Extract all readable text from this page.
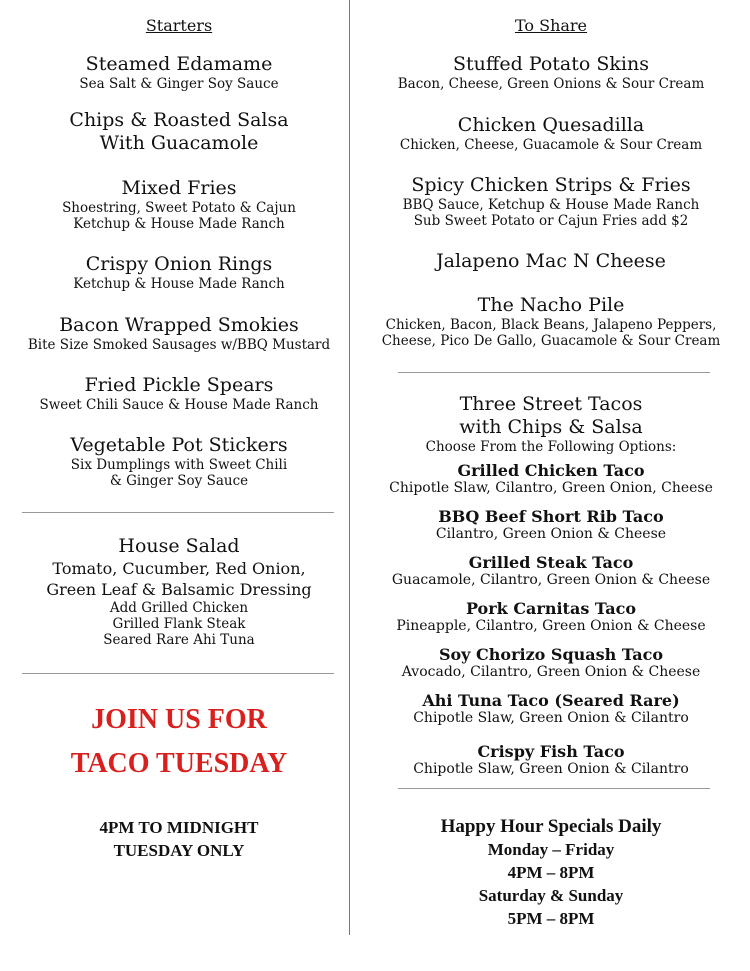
Starters
Steamed Edamame
Sea Salt & Ginger Soy Sauce
Chips & Roasted Salsa
With Guacamole
Mixed Fries
Shoestring, Sweet Potato & Cajun
Ketchup & House Made Ranch
Crispy Onion Rings
Ketchup & House Made Ranch
Bacon Wrapped Smokies
Bite Size Smoked Sausages w/BBQ Mustard
Fried Pickle Spears
Sweet Chili Sauce & House Made Ranch
Vegetable Pot Stickers
Six Dumplings with Sweet Chili
& Ginger Soy Sauce
House Salad
Tomato, Cucumber, Red Onion,
Green Leaf & Balsamic Dressing
Add Grilled Chicken
Grilled Flank Steak
Seared Rare Ahi Tuna
JOIN US FOR
TACO TUESDAY
4PM TO MIDNIGHT
TUESDAY ONLY
To Share
Stuffed Potato Skins
Bacon, Cheese, Green Onions & Sour Cream
Chicken Quesadilla
Chicken, Cheese, Guacamole & Sour Cream
Spicy Chicken Strips & Fries
BBQ Sauce, Ketchup & House Made Ranch
Sub Sweet Potato or Cajun Fries add $2
Jalapeno Mac N Cheese
The Nacho Pile
Chicken, Bacon, Black Beans, Jalapeno Peppers,
Cheese, Pico De Gallo, Guacamole & Sour Cream
Three Street Tacos
with Chips & Salsa
Choose From the Following Options:
Grilled Chicken Taco
Chipotle Slaw, Cilantro, Green Onion, Cheese
BBQ Beef Short Rib Taco
Cilantro, Green Onion & Cheese
Grilled Steak Taco
Guacamole, Cilantro, Green Onion & Cheese
Pork Carnitas Taco
Pineapple, Cilantro, Green Onion & Cheese
Soy Chorizo Squash Taco
Avocado, Cilantro, Green Onion & Cheese
Ahi Tuna Taco (Seared Rare)
Chipotle Slaw, Green Onion & Cilantro
Crispy Fish Taco
Chipotle Slaw, Green Onion & Cilantro
Happy Hour Specials Daily
Monday – Friday
4PM – 8PM
Saturday & Sunday
5PM – 8PM
